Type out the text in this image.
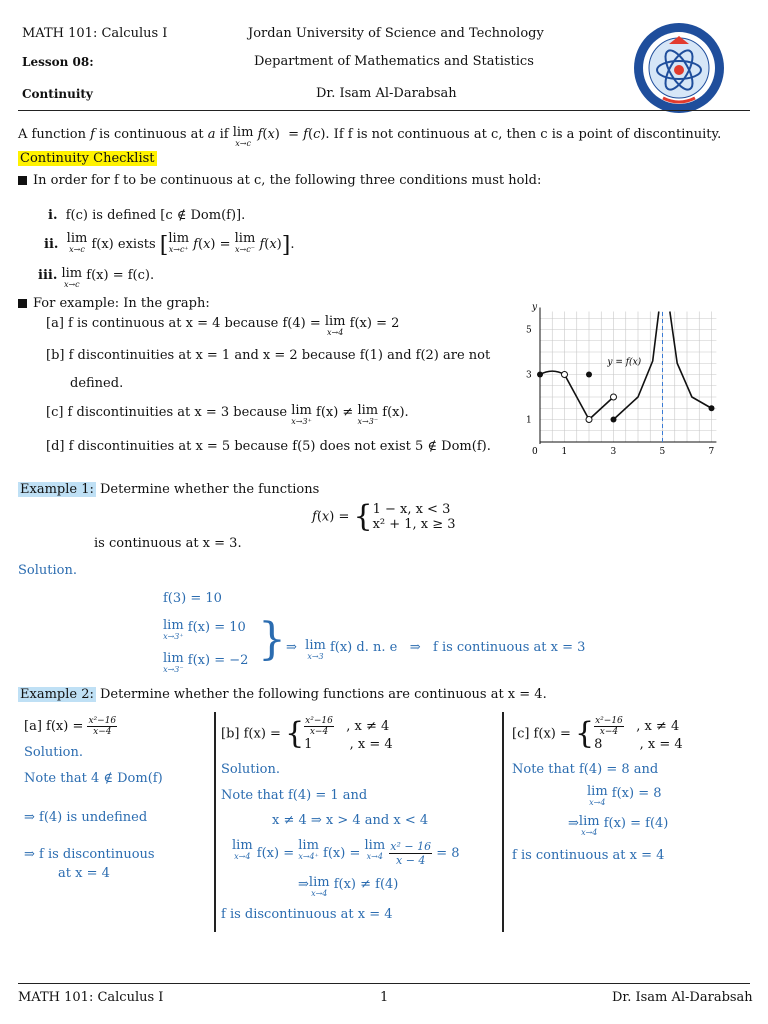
MATH 101: Calculus I	Jordan University of Science and Technology
Lesson 08:	Department of Mathematics and Statistics
Continuity	Dr. Isam Al-Darabsah
A function f is continuous at a if lim
x→c
f(x)  = f(c). If f is not continuous at c, then c is a point of discontinuity.
Continuity Checklist
In order for f to be continuous at c, the following three conditions must hold:
i. f(c) is defined [c ∉ Dom(f)].
ii. lim
x→c f(x) exists [lim
x→c⁺ f(x) = lim
x→c⁻ f(x)].
iii. lim
x→c
f(x) = f(c).
For example: In the graph:
[a] f is continuous at x = 4 because f(4) = lim
x→4
f(x) = 2
[b] f discontinuities at x = 1 and x = 2 because f(1) and f(2) are not
defined.
[c] f discontinuities at x = 3 because lim
x→3⁺
f(x) ≠ lim
x→3⁻
f(x).
[d] f discontinuities at x = 5 because f(5) does not exist 5 ∉ Dom(f).
y
0	1	3	5	7
1
3
5
y = f(x)
Example 1: Determine whether the functions
f(x) = { 1 − x, x < 3
x² + 1, x ≥ 3
is continuous at x = 3.
Solution.
f(3) = 10
lim
x→3⁺
f(x) = 10
lim
x→3⁻
f(x) = −2 } ⇒  lim
x→3
f(x) d. n. e   ⇒   f is continuous at x = 3
Example 2: Determine whether the following functions are continuous at x = 4.
[a] $f(x) = \frac{\text{x²−16}}{x-4}$
Solution.
Note that 4 ∉ Dom(f)
⇒ f(4) is undefined
⇒ f is discontinuous
at x = 4
[b] f(x) = { $\frac{\text{x²−16}}{x-4}$ , x ≠ 4
1	, x = 4
Solution.
Note that f(4) = 1 and
x ≠ 4 ⇒ x > 4 and x < 4
lim
x→4 f(x) = lim
x→4⁺ f(x) = lim
x→4
$\frac{\text{x² − 16}}{x - 4} = 8$
⇒lim
x→4
f(x) ≠ f(4)
f is discontinuous at x = 4
[c] f(x) = { $\frac{\text{x²−16}}{x-4}$ , x ≠ 4
8	, x = 4
Note that f(4) = 8 and
lim
x→4
f(x) = 8
⇒lim
x→4
f(x) = f(4)
f is continuous at x = 4
MATH 101: Calculus I	1	Dr. Isam Al-Darabsah
